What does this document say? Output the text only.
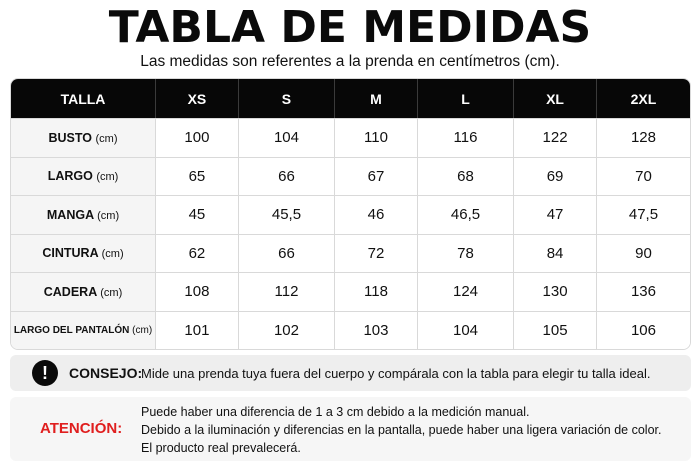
TABLA DE MEDIDAS
Las medidas son referentes a la prenda en centímetros (cm).
TALLA	XS	S	M	L	XL	2XL
BUSTO (cm)	100	104	110	116	122	128
LARGO (cm)	65	66	67	68	69	70
MANGA (cm)	45	45,5	46	46,5	47	47,5
CINTURA (cm)	62	66	72	78	84	90
CADERA (cm)	108	112	118	124	130	136
LARGO DEL PANTALÓN (cm)	101	102	103	104	105	106
!	CONSEJO:
Mide una prenda tuya fuera del cuerpo y compárala con la tabla para elegir tu talla ideal.
ATENCIÓN:
Puede haber una diferencia de 1 a 3 cm debido a la medición manual.
Debido a la iluminación y diferencias en la pantalla, puede haber una ligera variación de color.
El producto real prevalecerá.
